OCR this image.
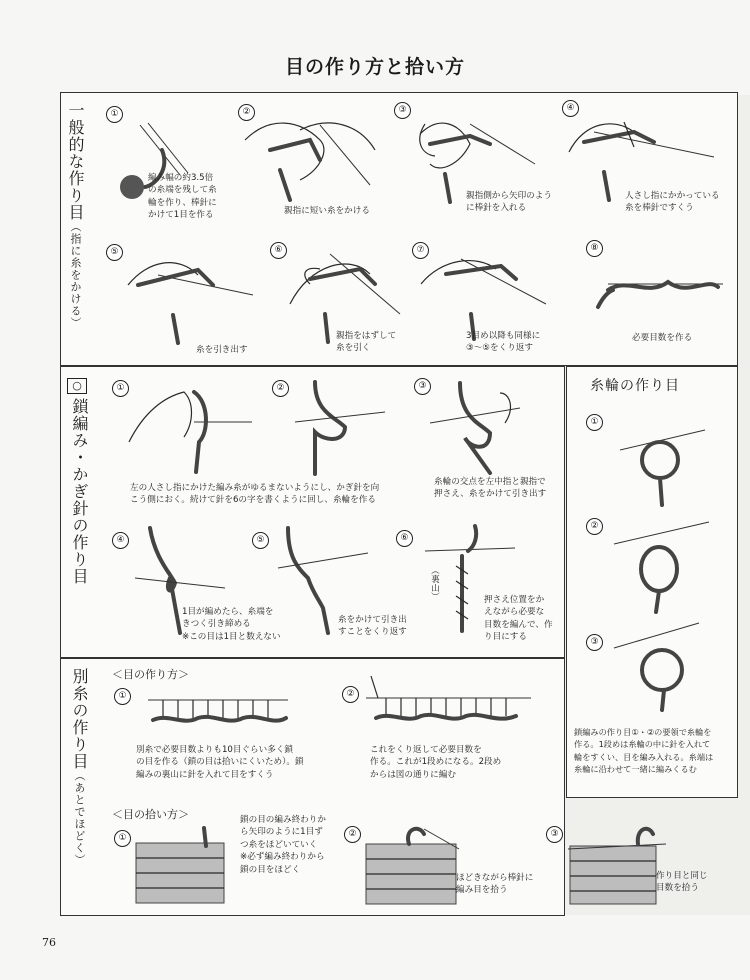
目の作り方と拾い方
一般的な作り目（指に糸をかける）
①	②	③	④
編み幅の約3.5倍
の糸端を残して糸
輪を作り、棒針に
かけて1目を作る	親指に短い糸をかける
親指側から矢印のよう
に棒針を入れる
人さし指にかかっている
糸を棒針ですくう
⑤	⑥	⑦	⑧
糸を引き出す
親指をはずして
糸を引く
3目め以降も同様に
③～⑤をくり返す
必要目数を作る
○
鎖編み・かぎ針の作り目
①	②	③
左の人さし指にかけた編み糸がゆるまないようにし、かぎ針を向
こう側におく。続けて針を6の字を書くように回し、糸輪を作る
糸輪の交点を左中指と親指で
押さえ、糸をかけて引き出す
④	⑤	⑥
（裏山）
1目が編めたら、糸端を
きつく引き締める
※この目は1目と数えない
糸をかけて引き出
すことをくり返す
押さえ位置をか
えながら必要な
目数を編んで、作
り目にする
糸輪の作り目
①
②
③
鎖編みの作り目①・②の要領で糸輪を
作る。1段めは糸輪の中に針を入れて
輪をすくい、目を編み入れる。糸端は
糸輪に沿わせて一緒に編みくるむ
別糸の作り目（あとでほどく）
＜目の作り方＞
①	②
別糸で必要目数よりも10目ぐらい多く鎖
の目を作る（鎖の目は拾いにくいため）。鎖
編みの裏山に針を入れて目をすくう
これをくり返して必要目数を
作る。これが1段めになる。2段め
からは図の通りに編む
＜目の拾い方＞
①	②	③
鎖の目の編み終わりか
ら矢印のように1目ず
つ糸をほどいていく
※必ず編み終わりから
鎖の目をほどく
ほどきながら棒針に
編み目を拾う
作り目と同じ
目数を拾う
76
